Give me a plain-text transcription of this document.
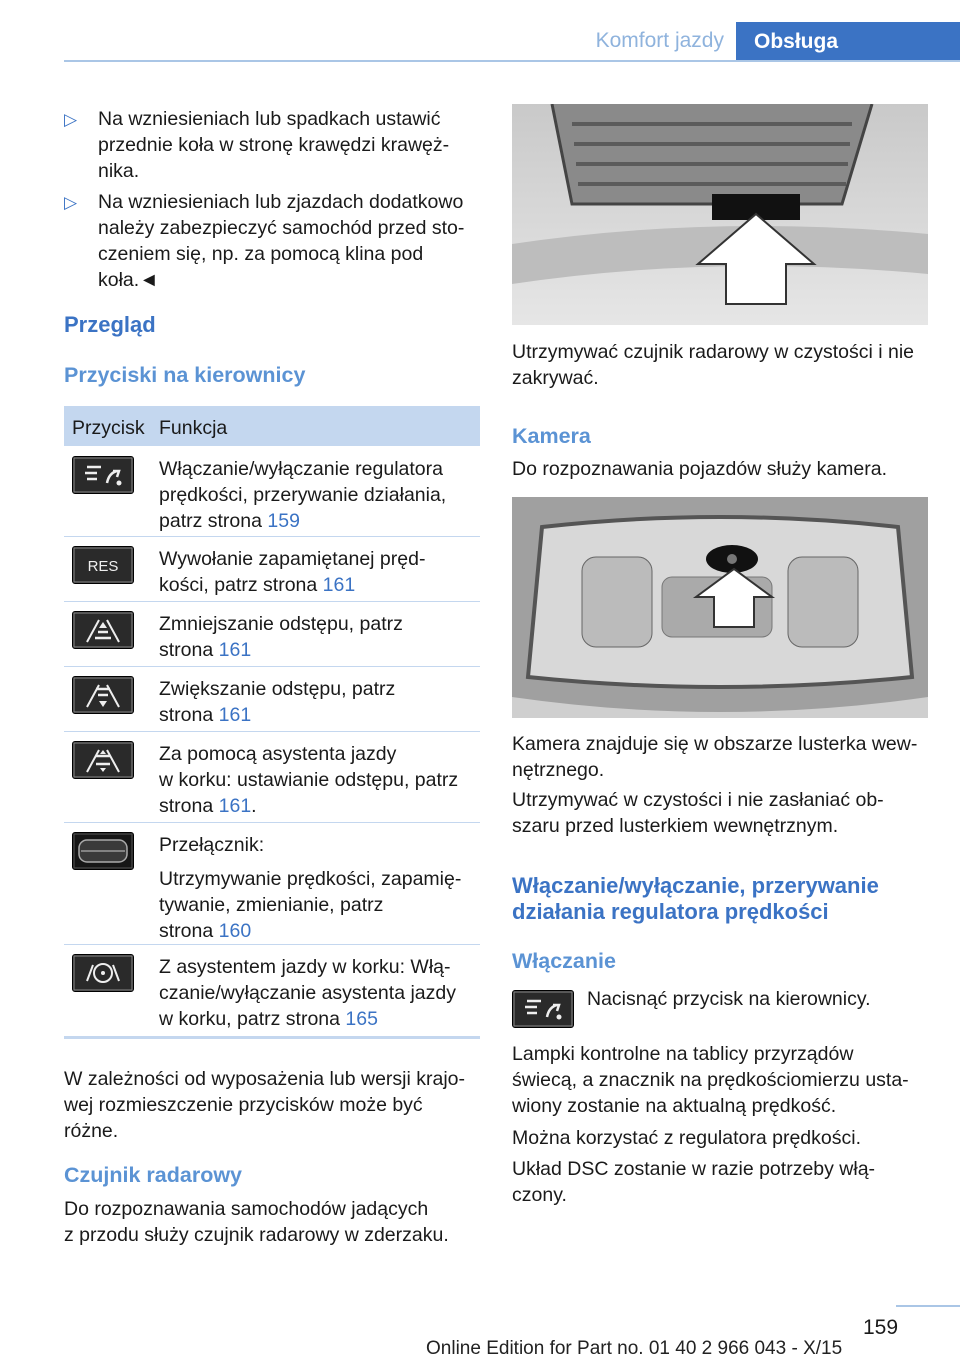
Komfort jazdy	Obsługa
▷ Na wzniesieniach lub spadkach ustawić
przednie koła w stronę krawędzi krawęż‐
nika.
▷ Na wzniesieniach lub zjazdach dodatkowo
należy zabezpieczyć samochód przed sto‐
czeniem się, np. za pomocą klina pod
koła.◄
Przegląd
Przyciski na kierownicy
Przycisk Funkcja
Włączanie/wyłączanie regulatora
prędkości, przerywanie działania,
patrz strona 159
RES Wywołanie zapamiętanej pręd‐
kości, patrz strona 161
Zmniejszanie odstępu, patrz
strona 161
Zwiększanie odstępu, patrz
strona 161
Za pomocą asystenta jazdy
w korku: ustawianie odstępu, patrz
strona 161.
Przełącznik:
Utrzymywanie prędkości, zapamię‐
tywanie, zmienianie, patrz
strona 160
Z asystentem jazdy w korku: Włą‐
czanie/wyłączanie asystenta jazdy
w korku, patrz strona 165
W zależności od wyposażenia lub wersji krajo‐
wej rozmieszczenie przycisków może być
różne.
Czujnik radarowy
Do rozpoznawania samochodów jadących
z przodu służy czujnik radarowy w zderzaku.
Utrzymywać czujnik radarowy w czystości i nie
zakrywać.
Kamera
Do rozpoznawania pojazdów służy kamera.
Kamera znajduje się w obszarze lusterka wew‐
nętrznego.
Utrzymywać w czystości i nie zasłaniać ob‐
szaru przed lusterkiem wewnętrznym.
Włączanie/wyłączanie, przerywanie
działania regulatora prędkości
Włączanie
Nacisnąć przycisk na kierownicy.
Lampki kontrolne na tablicy przyrządów
świecą, a znacznik na prędkościomierzu usta‐
wiony zostanie na aktualną prędkość.
Można korzystać z regulatora prędkości.
Układ DSC zostanie w razie potrzeby włą‐
czony.
159
Online Edition for Part no. 01 40 2 966 043 - X/15
